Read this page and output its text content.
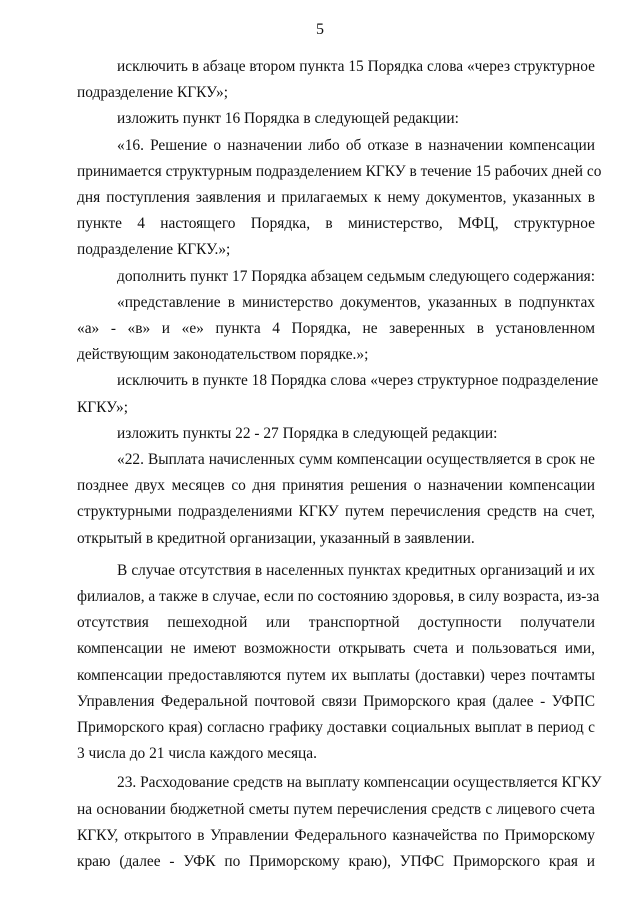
5

исключить в абзаце втором пункта 15 Порядка слова «через структурное
подразделение КГКУ»;

изложить пункт 16 Порядка в следующей редакции:

«16. Решение о назначении либо об отказе в назначении компенсации
принимается структурным подразделением КГКУ в течение 15 рабочих дней со
дня поступления заявления и прилагаемых к нему документов, указанных в
пункте 4 настоящего Порядка, в министерство, МФЦ, структурное
подразделение КГКУ.»;

дополнить пункт 17 Порядка абзацем седьмым следующего содержания:

«представление в министерство документов, указанных в подпунктах
«а» - «в» и «е» пункта 4 Порядка, не заверенных в установленном
действующим законодательством порядке.»;

исключить в пункте 18 Порядка слова «через структурное подразделение
КГКУ»;

изложить пункты 22 - 27 Порядка в следующей редакции:

«22. Выплата начисленных сумм компенсации осуществляется в срок не
позднее двух месяцев со дня принятия решения о назначении компенсации
структурными подразделениями КГКУ путем перечисления средств на счет,
открытый в кредитной организации, указанный в заявлении.

В случае отсутствия в населенных пунктах кредитных организаций и их
филиалов, а также в случае, если по состоянию здоровья, в силу возраста, из-за
отсутствия пешеходной или транспортной доступности получатели
компенсации не имеют возможности открывать счета и пользоваться ими,
компенсации предоставляются путем их выплаты (доставки) через почтамты
Управления Федеральной почтовой связи Приморского края (далее - УФПС
Приморского края) согласно графику доставки социальных выплат в период с
3 числа до 21 числа каждого месяца.

23. Расходование средств на выплату компенсации осуществляется КГКУ
на основании бюджетной сметы путем перечисления средств с лицевого счета
КГКУ, открытого в Управлении Федерального казначейства по Приморскому
краю (далее - УФК по Приморскому краю), УПФС Приморского края и
